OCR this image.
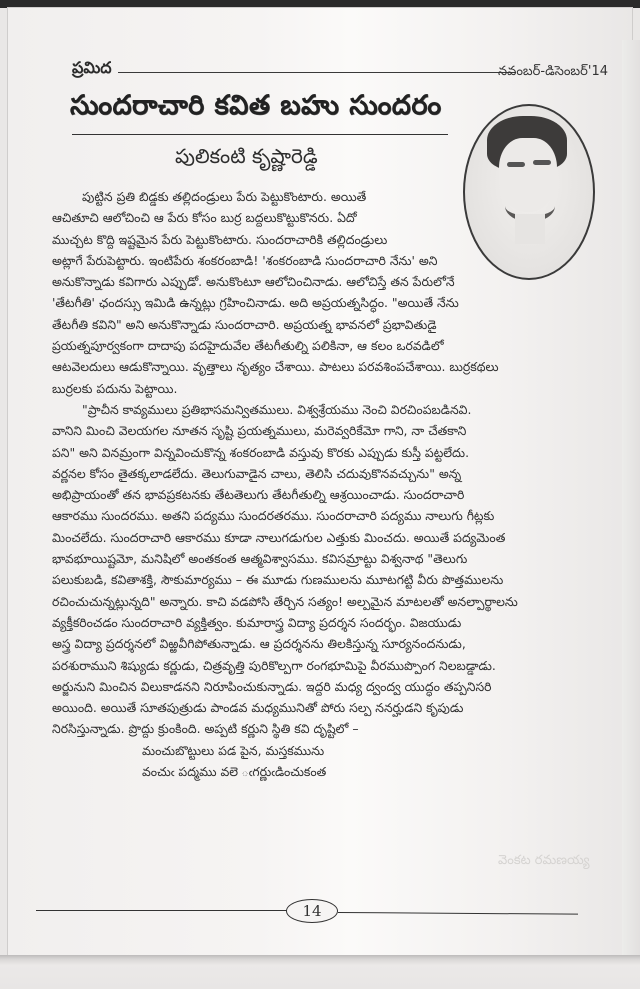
ప్రమిద	నవంబర్-డిసెంబర్'14
సుందరాచారి కవిత బహు సుందరం
పులికంటి కృష్ణారెడ్డి
పుట్టిన ప్రతి బిడ్డకు తల్లిదండ్రులు పేరు పెట్టుకొంటారు. అయితే
ఆచితూచి ఆలోచించి ఆ పేరు కోసం బుర్ర బద్దలుకొట్టుకొనరు. ఏదో
ముచ్చట కొద్ది ఇష్టమైన పేరు పెట్టుకొంటారు. సుందరాచారికి తల్లిదండ్రులు
అట్లాగే పేరుపెట్టారు. ఇంటిపేరు శంకరంబాడి! 'శంకరంబాడి సుందరాచారి నేను' అని
అనుకొన్నాడు కవిగారు ఎప్పుడో. అనుకొంటూ ఆలోచించినాడు. ఆలోచిస్తే తన పేరులోనే
'తేటగీతి' ఛందస్సు ఇమిడి ఉన్నట్లు గ్రహించినాడు. అది అప్రయత్నసిద్ధం. "అయితే నేను
తేటగీతి కవిని" అని అనుకొన్నాడు సుందరాచారి. అప్రయత్న భావనలో ప్రభావితుడై
ప్రయత్నపూర్వకంగా దాదాపు పదహైదువేల తేటగీతుల్ని పలికినా, ఆ కలం ఒరవడిలో
ఆటవెలదులు ఆడుకొన్నాయి. వృత్తాలు నృత్యం చేశాయి. పాటలు పరవశింపచేశాయి. బుర్రకథలు
బుర్రలకు పదును పెట్టాయి.
"ప్రాచీన కావ్యములు ప్రతిభాసమన్వితములు. విశ్వశ్రేయము నెంచి విరచింపబడినవి.
వానిని మించి వెలయగల నూతన సృష్టి ప్రయత్నములు, మరెవ్వరికేమో గాని, నా చేతకాని
పని" అని వినమ్రంగా విన్నవించుకొన్న శంకరంబాడి వస్తువు కొరకు ఎప్పుడు కుస్తీ పట్టలేదు.
వర్ణనల కోసం తైతక్కలాడలేదు. తెలుగువాడైన చాలు, తెలిసి చదువుకొనవచ్చును" అన్న
అభిప్రాయంతో తన భావప్రకటనకు తేటతెలుగు తేటగీతుల్ని ఆశ్రయించాడు. సుందరాచారి
ఆకారము సుందరము. అతని పద్యము సుందరతరము. సుందరాచారి పద్యము నాలుగు గీట్లకు
మించలేదు. సుందరాచారి ఆకారము కూడా నాలుగడుగుల ఎత్తుకు మించదు. అయితే పద్యమెంత
భావభూయిష్టమో, మనిషిలో అంతకంత ఆత్మవిశ్వాసము. కవిసమ్రాట్టు విశ్వనాథ "తెలుగు
పలుకుబడి, కవితాశక్తి, సౌకుమార్యము – ఈ మూడు గుణములను మూటగట్టి వీరు పొత్తములను
రచించుచున్నట్లున్నది" అన్నారు. కాచి వడపోసి తేర్చిన సత్యం! అల్పమైన మాటలతో అనల్పార్థాలను
వ్యక్తీకరించడం సుందరాచారి వ్యక్తిత్వం. కుమారాస్త్ర విద్యా ప్రదర్శన సందర్భం. విజయుడు
అస్త్ర విద్యా ప్రదర్శనలో విఱ్ఱవీగిపోతున్నాడు. ఆ ప్రదర్శనను తిలకిస్తున్న సూర్యనందనుడు,
పరశురాముని శిష్యుడు కర్ణుడు, చిత్రవృత్తి పురికొల్పగా రంగభూమిపై వీరముప్పొంగ నిలబడ్డాడు.
అర్జునుని మించిన విలుకాడనని నిరూపించుకున్నాడు. ఇద్దరి మధ్య ద్వంద్వ యుద్ధం తప్పనిసరి
అయింది. అయితే సూతపుత్రుడు పాండవ మధ్యమునితో పోరు సల్ప ననర్హుడని కృపుడు
నిరసిస్తున్నాడు. ప్రొద్దు క్రుంకింది. అప్పటి కర్ణుని స్థితి కవి దృష్టిలో –
మంచుబొట్టులు పడ పైన, మస్తకమును
వంచుఁ పద్మము వలె ఁగర్ణుఁడించుకంత
వెంకట రమణయ్య
14
